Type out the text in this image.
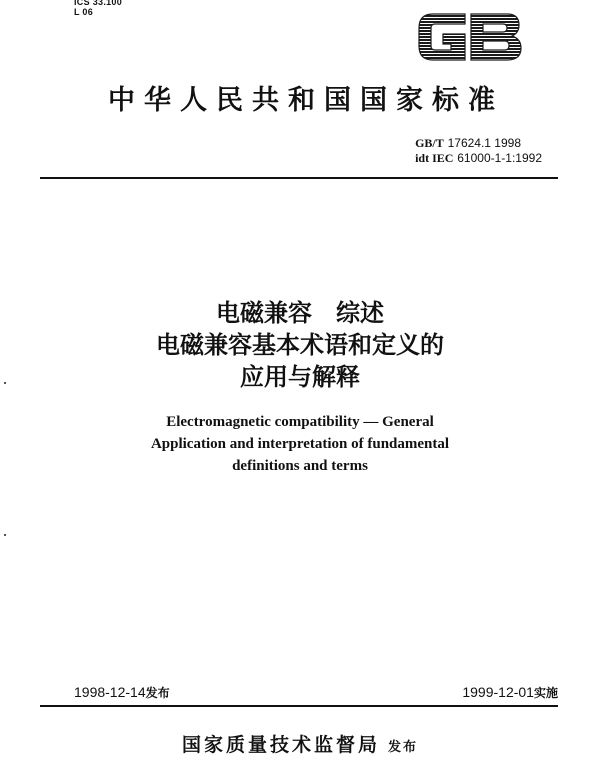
ICS 33.100
L 06
中华人民共和国国家标准
GB/T 17624.1 1998
idt IEC 61000-1-1:1992
电磁兼容　综述
电磁兼容基本术语和定义的
应用与解释
Electromagnetic compatibility — General
Application and interpretation of fundamental
definitions and terms
1998-12-14发布	1999-12-01实施
国家质量技术监督局 发布
